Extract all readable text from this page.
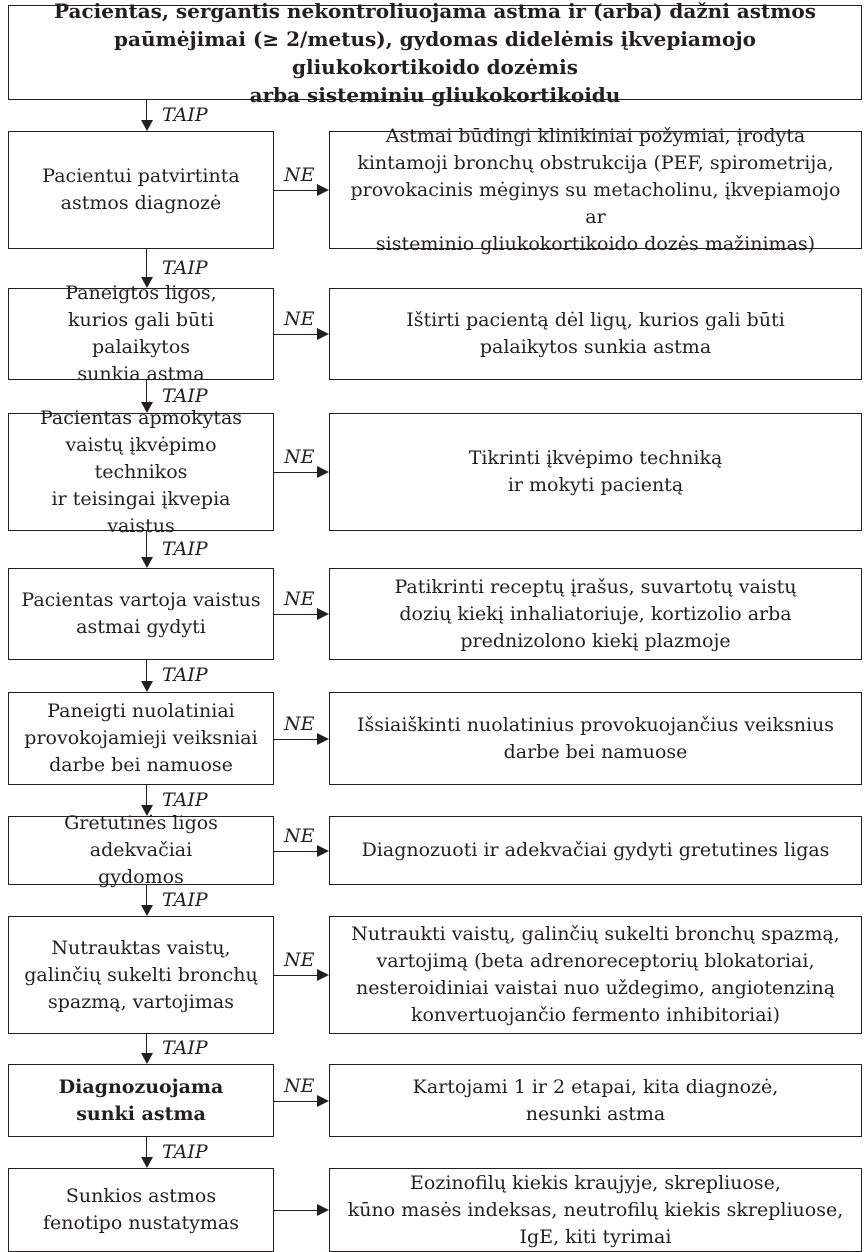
Pacientas, sergantis nekontroliuojama astma ir (arba) dažni astmos
paūmėjimai (≥ 2/metus), gydomas didelėmis įkvepiamojo gliukokortikoido dozėmis
arba sisteminiu gliukokortikoidu
TAIP
TAIP
TAIP
TAIP
TAIP
TAIP
TAIP
TAIP
TAIP
Pacientui patvirtinta
astmos diagnozė
Astmai būdingi klinikiniai požymiai, įrodyta
kintamoji bronchų obstrukcija (PEF, spirometrija,
provokacinis mėginys su metacholinu, įkvepiamojo ar
sisteminio gliukokortikoido dozės mažinimas)
NE
Paneigtos ligos,
kurios gali būti palaikytos
sunkia astma
Ištirti pacientą dėl ligų, kurios gali būti
palaikytos sunkia astma
NE
Pacientas apmokytas
vaistų įkvėpimo technikos
ir teisingai įkvepia vaistus
Tikrinti įkvėpimo techniką
ir mokyti pacientą
NE
Pacientas vartoja vaistus
astmai gydyti
Patikrinti receptų įrašus, suvartotų vaistų
dozių kiekį inhaliatoriuje, kortizolio arba
prednizolono kiekį plazmoje
NE
Paneigti nuolatiniai
provokojamieji veiksniai
darbe bei namuose
Išsiaiškinti nuolatinius provokuojančius veiksnius
darbe bei namuose
NE
Gretutinės ligos adekvačiai
gydomos
Diagnozuoti ir adekvačiai gydyti gretutines ligas
NE
Nutrauktas vaistų,
galinčių sukelti bronchų
spazmą, vartojimas
Nutraukti vaistų, galinčių sukelti bronchų spazmą,
vartojimą (beta adrenoreceptorių blokatoriai,
nesteroidiniai vaistai nuo uždegimo, angiotenziną
konvertuojančio fermento inhibitoriai)
NE
Diagnozuojama
sunki astma
Kartojami 1 ir 2 etapai, kita diagnozė,
nesunki astma
NE
Sunkios astmos
fenotipo nustatymas
Eozinofilų kiekis kraujyje, skrepliuose,
kūno masės indeksas, neutrofilų kiekis skrepliuose,
IgE, kiti tyrimai
